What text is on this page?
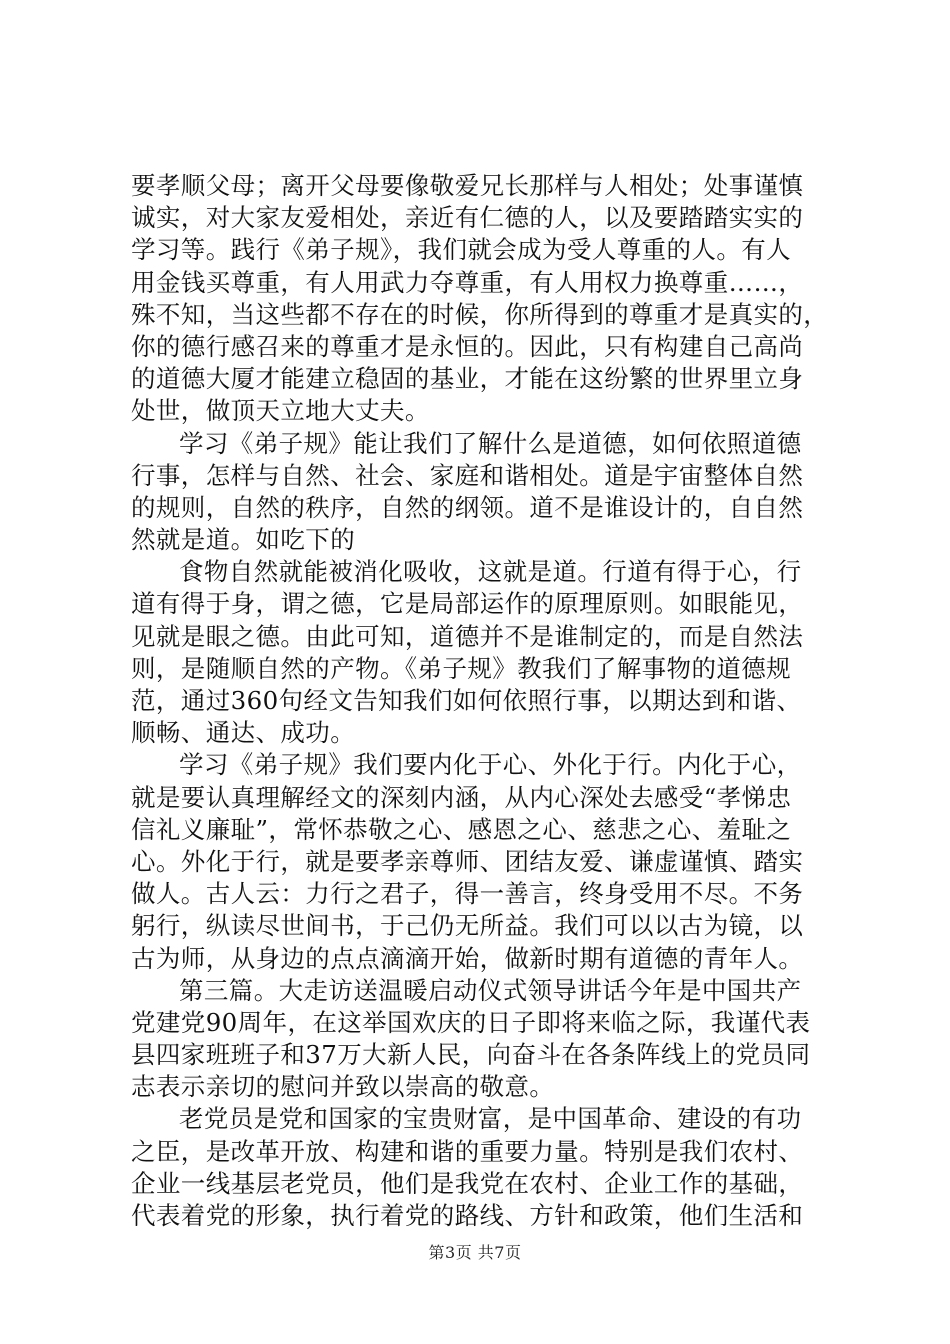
要孝顺父母；离开父母要像敬爱兄长那样与人相处；处事谨慎
诚实，对大家友爱相处，亲近有仁德的人，以及要踏踏实实的
学习等。践行《弟子规》，我们就会成为受人尊重的人。有人
用金钱买尊重，有人用武力夺尊重，有人用权力换尊重……，
殊不知，当这些都不存在的时候，你所得到的尊重才是真实的，
你的德行感召来的尊重才是永恒的。因此，只有构建自己高尚
的道德大厦才能建立稳固的基业，才能在这纷繁的世界里立身
处世，做顶天立地大丈夫。
学习《弟子规》能让我们了解什么是道德，如何依照道德
行事，怎样与自然、社会、家庭和谐相处。道是宇宙整体自然
的规则，自然的秩序，自然的纲领。道不是谁设计的，自自然
然就是道。如吃下的
食物自然就能被消化吸收，这就是道。行道有得于心，行
道有得于身，谓之德，它是局部运作的原理原则。如眼能见，
见就是眼之德。由此可知，道德并不是谁制定的，而是自然法
则，是随顺自然的产物。《弟子规》教我们了解事物的道德规
范，通过360句经文告知我们如何依照行事，以期达到和谐、
顺畅、通达、成功。
学习《弟子规》我们要内化于心、外化于行。内化于心，
就是要认真理解经文的深刻内涵，从内心深处去感受“孝悌忠
信礼义廉耻”，常怀恭敬之心、感恩之心、慈悲之心、羞耻之
心。外化于行，就是要孝亲尊师、团结友爱、谦虚谨慎、踏实
做人。古人云：力行之君子，得一善言，终身受用不尽。不务
躬行，纵读尽世间书，于己仍无所益。我们可以以古为镜，以
古为师，从身边的点点滴滴开始，做新时期有道德的青年人。
第三篇。大走访送温暖启动仪式领导讲话今年是中国共产
党建党90周年，在这举国欢庆的日子即将来临之际，我谨代表
县四家班班子和37万大新人民，向奋斗在各条阵线上的党员同
志表示亲切的慰问并致以崇高的敬意。
老党员是党和国家的宝贵财富，是中国革命、建设的有功
之臣，是改革开放、构建和谐的重要力量。特别是我们农村、
企业一线基层老党员，他们是我党在农村、企业工作的基础，
代表着党的形象，执行着党的路线、方针和政策，他们生活和
第3页 共7页
